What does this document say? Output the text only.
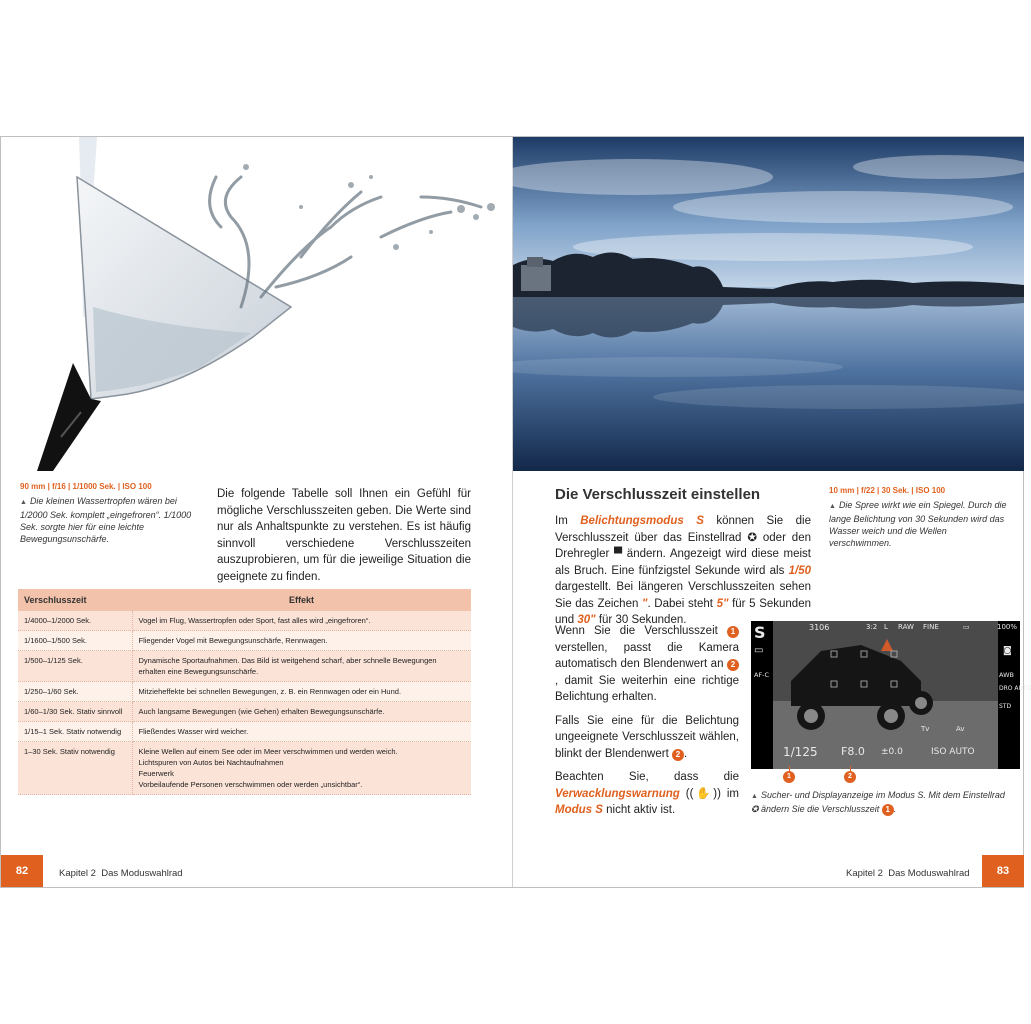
90 mm | f/16 | 1/1000 Sek. | ISO 100
▲ Die kleinen Wassertropfen wären bei 1/2000 Sek. komplett „eingefroren“. 1/1000 Sek. sorgte hier für eine leichte Bewegungsunschärfe.
Die folgende Tabelle soll Ihnen ein Gefühl für mögliche Verschlusszeiten geben. Die Werte sind nur als Anhaltspunkte zu verstehen. Es ist häufig sinnvoll verschiedene Verschlusszeiten auszuprobieren, um für die jeweilige Situation die geeignete zu finden.
Verschlusszeit	Effekt
1/4000–1/2000 Sek.	Vogel im Flug, Wassertropfen oder Sport, fast alles wird „eingefroren“.

1/1600–1/500 Sek.	Fliegender Vogel mit Bewegungsunschärfe, Rennwagen.

1/500–1/125 Sek.	Dynamische Sportaufnahmen. Das Bild ist weitgehend scharf, aber schnelle Bewegungen erhalten eine Bewegungsunschärfe.

1/250–1/60 Sek.	Mitzieheffekte bei schnellen Bewegungen, z. B. ein Rennwagen oder ein Hund.

1/60–1/30 Sek. Stativ sinnvoll	Auch langsame Bewegungen (wie Gehen) erhalten Bewegungsunschärfe.

1/15–1 Sek. Stativ notwendig	Fließendes Wasser wird weicher.

1–30 Sek. Stativ notwendig	Kleine Wellen auf einem See oder im Meer verschwimmen und werden weich.
Lichtspuren von Autos bei Nachtaufnahmen
Feuerwerk
Vorbeilaufende Personen verschwimmen oder werden „unsichtbar“.
82	Kapitel 2 Das Moduswahlrad
Die Verschlusszeit einstellen	10 mm | f/22 | 30 Sek. | ISO 100
▲ Die Spree wirkt wie ein Spiegel. Durch die lange Belichtung von 30 Sekunden wird das Wasser weich und die Wellen verschwimmen.

Im Belichtungsmodus S können Sie die Verschlusszeit über das Einstellrad ✪ oder den Drehregler ▀ ändern. Angezeigt wird diese meist als Bruch. Eine fünfzigstel Sekunde wird als 1/50 dargestellt. Bei längeren Verschlusszeiten sehen Sie das Zeichen ". Dabei steht 5" für 5 Sekunden und 30" für 30 Sekunden.

Wenn Sie die Verschlusszeit 1 verstellen, passt die Kamera automatisch den Blendenwert an 2, damit Sie weiterhin eine richtige Belichtung erhalten.

Falls Sie eine für die Belichtung ungeeignete Verschlusszeit wählen, blinkt der Blendenwert 2 .

Beachten Sie, dass die Verwacklungswarnung ((✋)) im Modus S nicht aktiv ist.

S	3106	3:2 L RAW FINE	▭	100%
▭
AF-C
◙
AWB
DRO AUTO
STD
Tv	Av
1/125 F8.0 ±0.0	ISO AUTO
1	2
▲ Sucher- und Displayanzeige im Modus S. Mit dem Einstellrad ✪ ändern Sie die Verschlusszeit 1 .
Kapitel 2 Das Moduswahlrad	83
